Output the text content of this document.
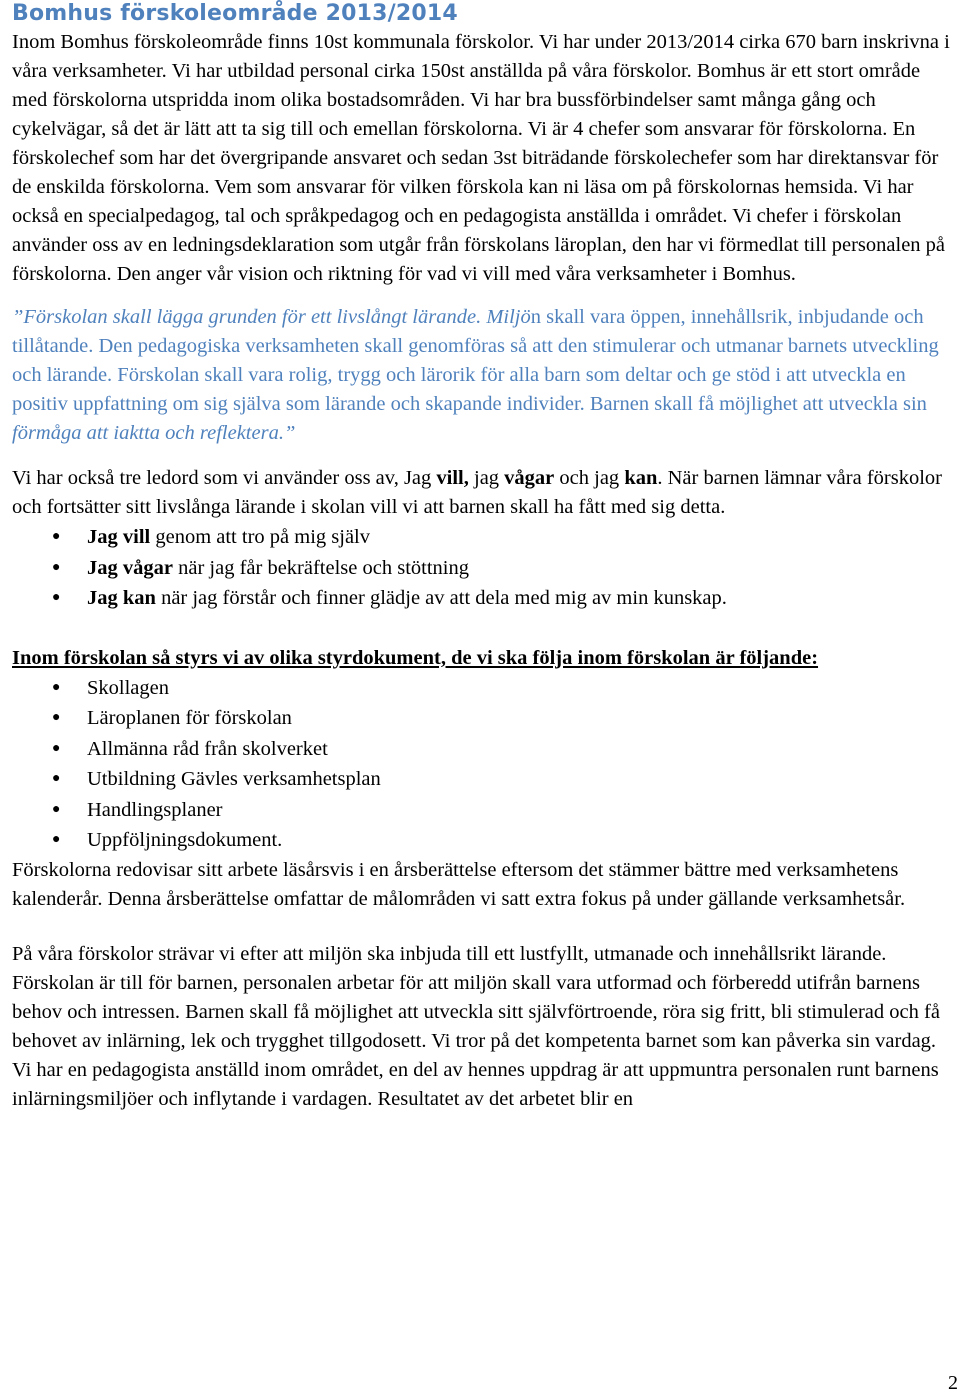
Bomhus förskoleområde 2013/2014

Inom Bomhus förskoleområde finns 10st kommunala förskolor. Vi har under 2013/2014 cirka 670 barn inskrivna i våra verksamheter. Vi har utbildad personal cirka 150st anställda på våra förskolor. Bomhus är ett stort område med förskolorna utspridda inom olika bostadsområden. Vi har bra bussförbindelser samt många gång och cykelvägar, så det är lätt att ta sig till och emellan förskolorna. Vi är 4 chefer som ansvarar för förskolorna. En förskolechef som har det övergripande ansvaret och sedan 3st biträdande förskolechefer som har direktansvar för de enskilda förskolorna. Vem som ansvarar för vilken förskola kan ni läsa om på förskolornas hemsida. Vi har också en specialpedagog, tal och språkpedagog och en pedagogista anställda i området. Vi chefer i förskolan använder oss av en ledningsdeklaration som utgår från förskolans läroplan, den har vi förmedlat till personalen på förskolorna. Den anger vår vision och riktning för vad vi vill med våra verksamheter i Bomhus.

”Förskolan skall lägga grunden för ett livslångt lärande. Miljön skall vara öppen, innehållsrik, inbjudande och tillåtande. Den pedagogiska verksamheten skall genomföras så att den stimulerar och utmanar barnets utveckling och lärande. Förskolan skall vara rolig, trygg och lärorik för alla barn som deltar och ge stöd i att utveckla en positiv uppfattning om sig själva som lärande och skapande individer. Barnen skall få möjlighet att utveckla sin förmåga att iaktta och reflektera.”

Vi har också tre ledord som vi använder oss av, Jag vill, jag vågar och jag kan. När barnen lämnar våra förskolor och fortsätter sitt livslånga lärande i skolan vill vi att barnen skall ha fått med sig detta.

● Jag vill genom att tro på mig själv
● Jag vågar när jag får bekräftelse och stöttning
● Jag kan när jag förstår och finner glädje av att dela med mig av min kunskap.

Inom förskolan så styrs vi av olika styrdokument, de vi ska följa inom förskolan är följande:

● Skollagen
● Läroplanen för förskolan
● Allmänna råd från skolverket
● Utbildning Gävles verksamhetsplan
● Handlingsplaner
● Uppföljningsdokument.

Förskolorna redovisar sitt arbete läsårsvis i en årsberättelse eftersom det stämmer bättre med verksamhetens kalenderår. Denna årsberättelse omfattar de målområden vi satt extra fokus på under gällande verksamhetsår.

På våra förskolor strävar vi efter att miljön ska inbjuda till ett lustfyllt, utmanade och innehållsrikt lärande. Förskolan är till för barnen, personalen arbetar för att miljön skall vara utformad och förberedd utifrån barnens behov och intressen. Barnen skall få möjlighet att utveckla sitt självförtroende, röra sig fritt, bli stimulerad och få behovet av inlärning, lek och trygghet tillgodosett. Vi tror på det kompetenta barnet som kan påverka sin vardag. Vi har en pedagogista anställd inom området, en del av hennes uppdrag är att uppmuntra personalen runt barnens inlärningsmiljöer och inflytande i vardagen. Resultatet av det arbetet blir en

2
